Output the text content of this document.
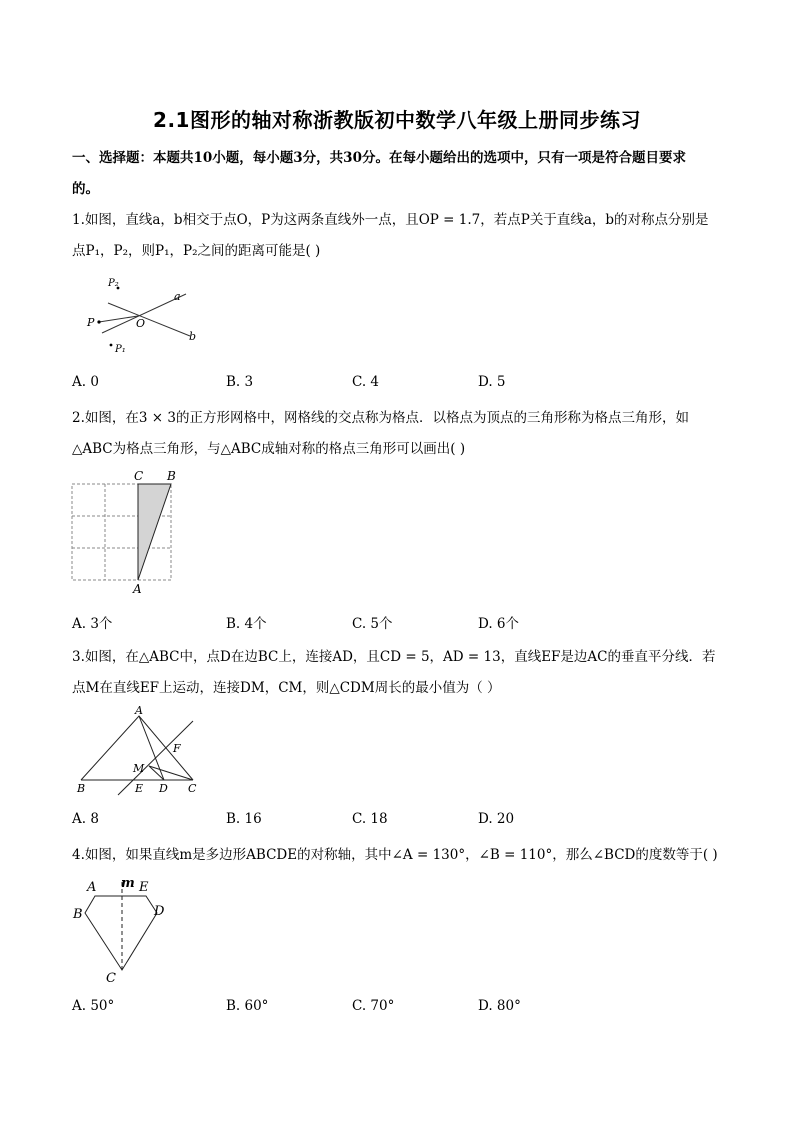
2.1图形的轴对称浙教版初中数学八年级上册同步练习
一、选择题：本题共10小题，每小题3分，共30分。在每小题给出的选项中，只有一项是符合题目要求
的。
1.如图，直线a，b相交于点O，P为这两条直线外一点，且OP = 1.7，若点P关于直线a，b的对称点分别是
点P₁，P₂，则P₁，P₂之间的距离可能是( )
P₂
P	O
a
b
P₁
A. 0	B. 3	C. 4	D. 5
2.如图，在3 × 3的正方形网格中，网格线的交点称为格点．以格点为顶点的三角形称为格点三角形，如
△ABC为格点三角形，与△ABC成轴对称的格点三角形可以画出( )
C B
A
A. 3个	B. 4个	C. 5个	D. 6个
3.如图，在△ABC中，点D在边BC上，连接AD，且CD = 5，AD = 13，直线EF是边AC的垂直平分线．若
点M在直线EF上运动，连接DM，CM，则△CDM周长的最小值为（ ）
A
F
M
B	E D C
A. 8	B. 16	C. 18	D. 20
4.如图，如果直线m是多边形ABCDE的对称轴，其中∠A = 130°，∠B = 110°，那么∠BCD的度数等于( )
A m E
B	D
C
A. 50°	B. 60°	C. 70°	D. 80°
